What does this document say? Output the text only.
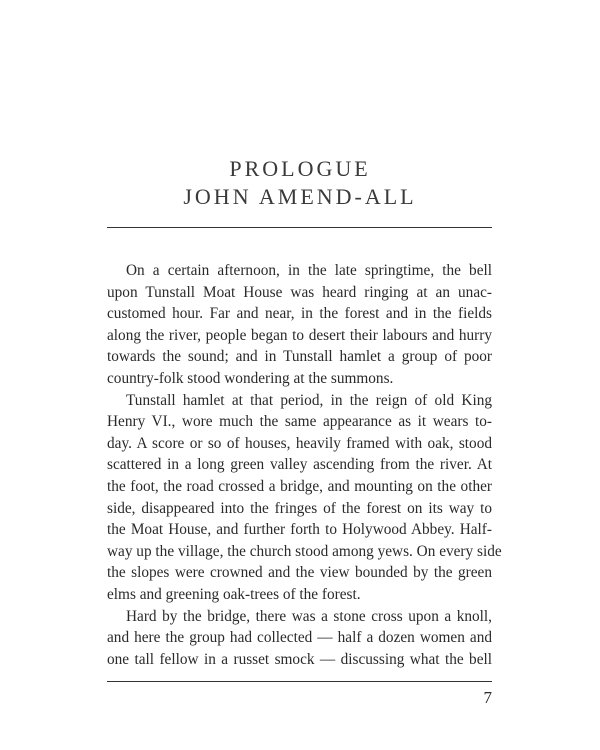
PROLOGUE
JOHN AMEND-ALL
On a certain afternoon, in the late springtime, the bell
upon Tunstall Moat House was heard ringing at an unac-
customed hour. Far and near, in the forest and in the fields
along the river, people began to desert their labours and hurry
towards the sound; and in Tunstall hamlet a group of poor
country-folk stood wondering at the summons.
Tunstall hamlet at that period, in the reign of old King
Henry VI., wore much the same appearance as it wears to-
day. A score or so of houses, heavily framed with oak, stood
scattered in a long green valley ascending from the river. At
the foot, the road crossed a bridge, and mounting on the other
side, disappeared into the fringes of the forest on its way to
the Moat House, and further forth to Holywood Abbey. Half-
way up the village, the church stood among yews. On every side
the slopes were crowned and the view bounded by the green
elms and greening oak-trees of the forest.
Hard by the bridge, there was a stone cross upon a knoll,
and here the group had collected — half a dozen women and
one tall fellow in a russet smock — discussing what the bell
7
